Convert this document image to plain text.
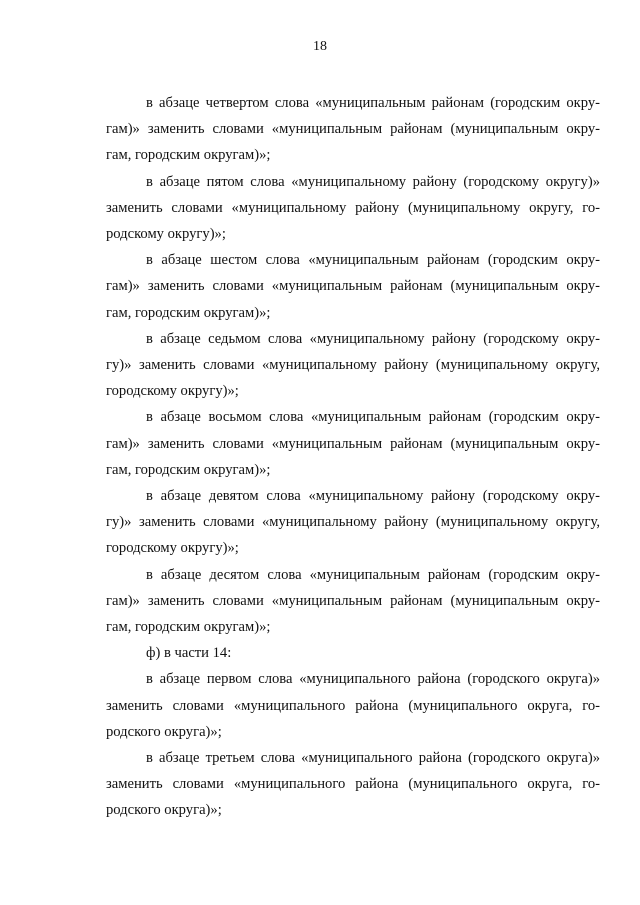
18

в абзаце четвертом слова «муниципальным районам (городским окру-
гам)» заменить словами «муниципальным районам (муниципальным окру-
гам, городским округам)»;

в абзаце пятом слова «муниципальному району (городскому округу)»
заменить словами «муниципальному району (муниципальному округу, го-
родскому округу)»;

в абзаце шестом слова «муниципальным районам (городским окру-
гам)» заменить словами «муниципальным районам (муниципальным окру-
гам, городским округам)»;

в абзаце седьмом слова «муниципальному району (городскому окру-
гу)» заменить словами «муниципальному району (муниципальному округу,
городскому округу)»;

в абзаце восьмом слова «муниципальным районам (городским окру-
гам)» заменить словами «муниципальным районам (муниципальным окру-
гам, городским округам)»;

в абзаце девятом слова «муниципальному району (городскому окру-
гу)» заменить словами «муниципальному району (муниципальному округу,
городскому округу)»;

в абзаце десятом слова «муниципальным районам (городским окру-
гам)» заменить словами «муниципальным районам (муниципальным окру-
гам, городским округам)»;

ф) в части 14:

в абзаце первом слова «муниципального района (городского округа)»
заменить словами «муниципального района (муниципального округа, го-
родского округа)»;

в абзаце третьем слова «муниципального района (городского округа)»
заменить словами «муниципального района (муниципального округа, го-
родского округа)»;
